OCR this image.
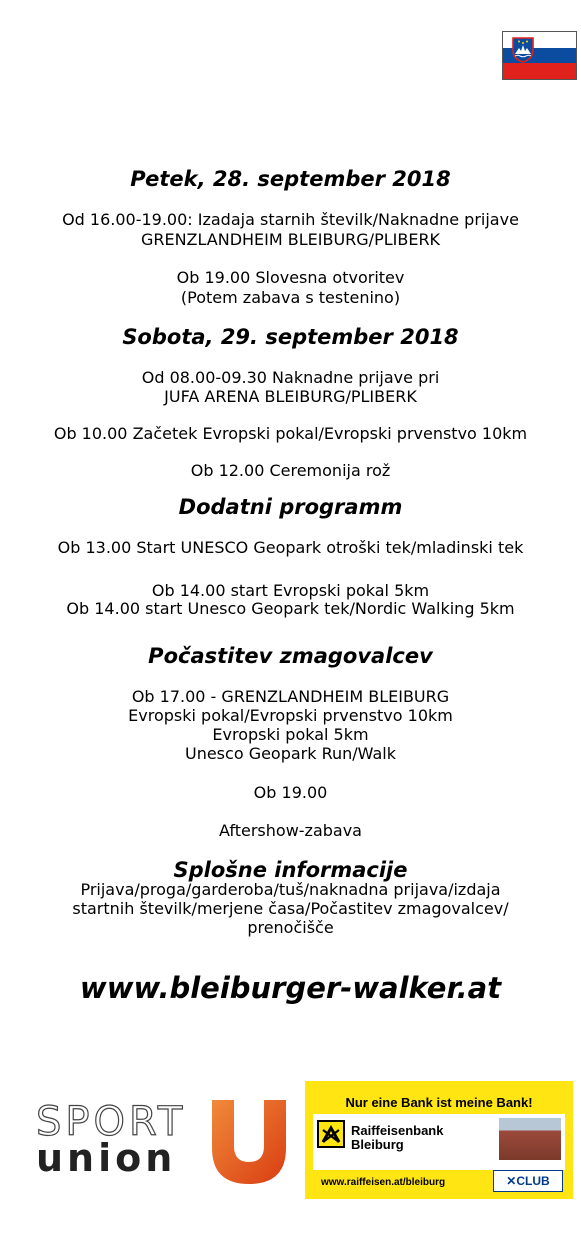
Petek, 28. september 2018
Od 16.00-19.00: Izadaja starnih številk/Naknadne prijave
GRENZLANDHEIM BLEIBURG/PLIBERK
Ob 19.00 Slovesna otvoritev
(Potem zabava s testenino)
Sobota, 29. september 2018
Od 08.00-09.30 Naknadne prijave pri
JUFA ARENA BLEIBURG/PLIBERK
Ob 10.00 Začetek Evropski pokal/Evropski prvenstvo 10km
Ob 12.00 Ceremonija rož
Dodatni programm
Ob 13.00 Start UNESCO Geopark otroški tek/mladinski tek
Ob 14.00 start Evropski pokal 5km
Ob 14.00 start Unesco Geopark tek/Nordic Walking 5km
Počastitev zmagovalcev
Ob 17.00 - GRENZLANDHEIM BLEIBURG
Evropski pokal/Evropski prvenstvo 10km
Evropski pokal 5km
Unesco Geopark Run/Walk
Ob 19.00
Aftershow-zabava
Splošne informacije
Prijava/proga/garderoba/tuš/naknadna prijava/izdaja
startnih številk/merjene časa/Počastitev zmagovalcev/
prenočišče
www.bleiburger-walker.at
SPORT
union
Nur eine Bank ist meine Bank!
Raiffeisenbank
Bleiburg
www.raiffeisen.at/bleiburg	✕CLUB
